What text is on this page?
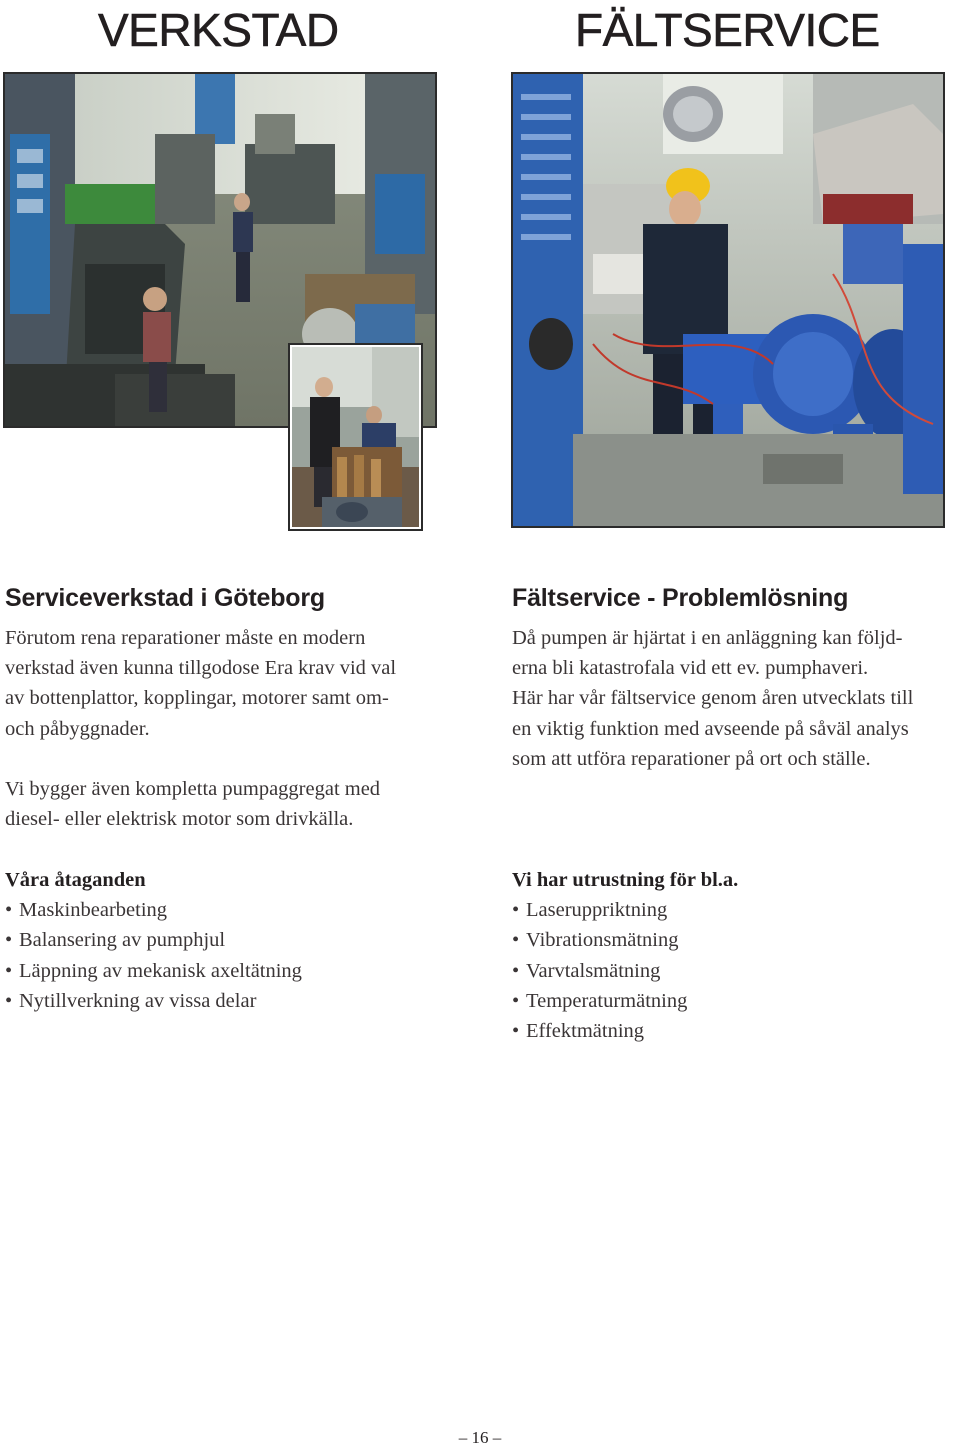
VERKSTAD	FÄLTSERVICE
Serviceverkstad i Göteborg

Förutom rena reparationer måste en modern

verkstad även kunna tillgodose Era krav vid val

av bottenplattor, kopplingar, motorer samt om-

och påbyggnader.

Vi bygger även kompletta pumpaggregat med

diesel- eller elektrisk motor som drivkälla.

Våra åtaganden

• Maskinbearbeting
• Balansering av pumphjul
• Läppning av mekanisk axeltätning
• Nytillverkning av vissa delar
Fältservice - Problemlösning

Då pumpen är hjärtat i en anläggning kan följd-

erna bli katastrofala vid ett ev. pumphaveri.

Här har vår fältservice genom åren utvecklats till

en viktig funktion med avseende på såväl analys

som att utföra reparationer på ort och ställe.

Vi har utrustning för bl.a.

• Laseruppriktning
• Vibrationsmätning
• Varvtalsmätning
• Temperaturmätning
• Effektmätning
– 16 –
